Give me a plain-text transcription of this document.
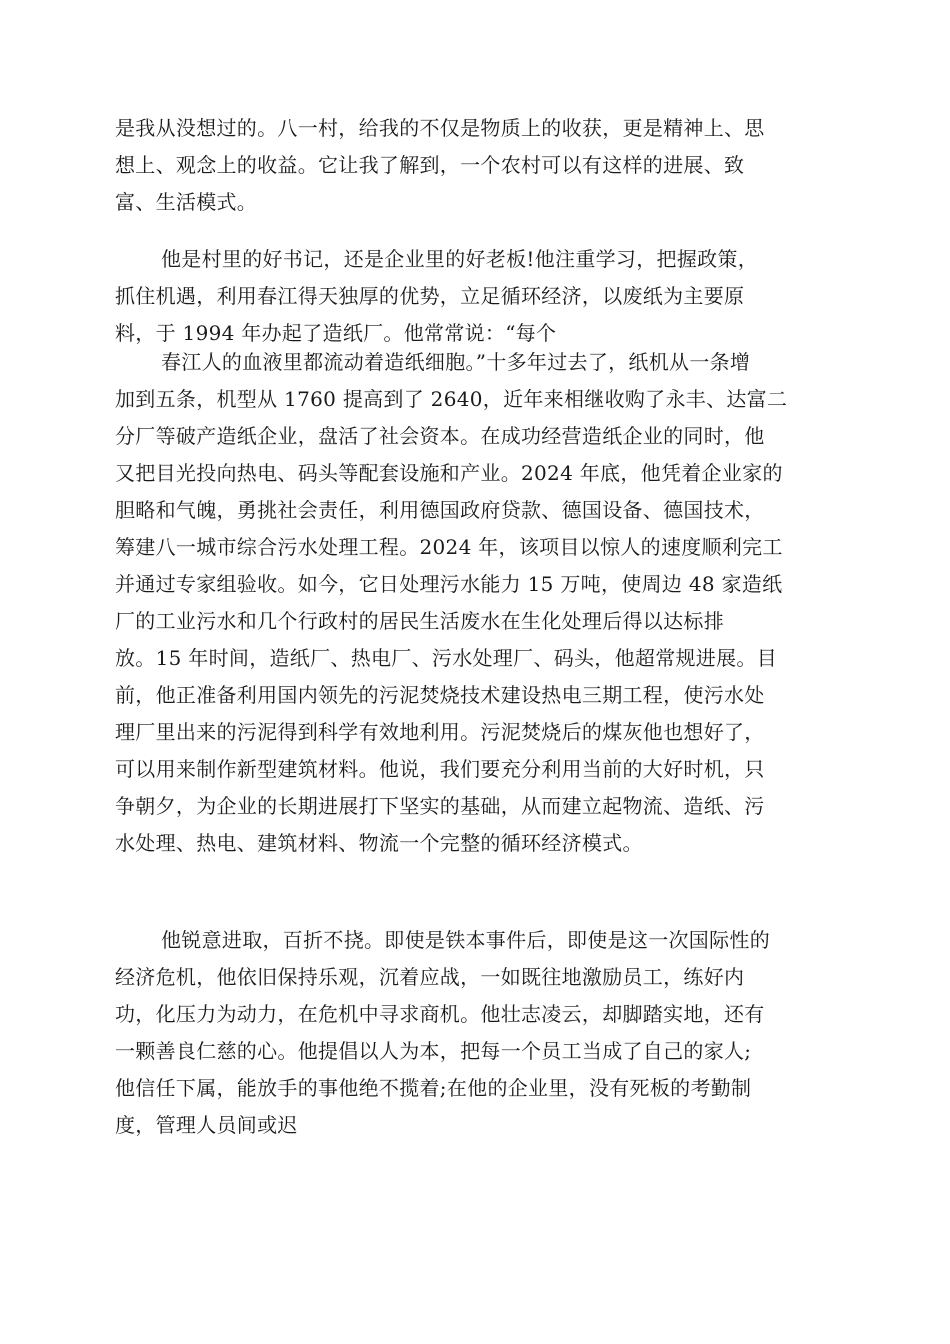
是我从没想过的。八一村，给我的不仅是物质上的收获，更是精神上、思
想上、观念上的收益。它让我了解到，一个农村可以有这样的进展、致
富、生活模式。
他是村里的好书记，还是企业里的好老板!他注重学习，把握政策，
抓住机遇，利用春江得天独厚的优势，立足循环经济，以废纸为主要原
料，于 1994 年办起了造纸厂。他常常说：“每个
春江人的血液里都流动着造纸细胞。”十多年过去了，纸机从一条增
加到五条，机型从 1760 提高到了 2640，近年来相继收购了永丰、达富二
分厂等破产造纸企业，盘活了社会资本。在成功经营造纸企业的同时，他
又把目光投向热电、码头等配套设施和产业。2024 年底，他凭着企业家的
胆略和气魄，勇挑社会责任，利用德国政府贷款、德国设备、德国技术，
筹建八一城市综合污水处理工程。2024 年，该项目以惊人的速度顺利完工
并通过专家组验收。如今，它日处理污水能力 15 万吨，使周边 48 家造纸
厂的工业污水和几个行政村的居民生活废水在生化处理后得以达标排
放。15 年时间，造纸厂、热电厂、污水处理厂、码头，他超常规进展。目
前，他正准备利用国内领先的污泥焚烧技术建设热电三期工程，使污水处
理厂里出来的污泥得到科学有效地利用。污泥焚烧后的煤灰他也想好了，
可以用来制作新型建筑材料。他说，我们要充分利用当前的大好时机，只
争朝夕，为企业的长期进展打下坚实的基础，从而建立起物流、造纸、污
水处理、热电、建筑材料、物流一个完整的循环经济模式。
他锐意进取，百折不挠。即使是铁本事件后，即使是这一次国际性的
经济危机，他依旧保持乐观，沉着应战，一如既往地激励员工，练好内
功，化压力为动力，在危机中寻求商机。他壮志凌云，却脚踏实地，还有
一颗善良仁慈的心。他提倡以人为本，把每一个员工当成了自己的家人;
他信任下属，能放手的事他绝不揽着;在他的企业里，没有死板的考勤制
度，管理人员间或迟
